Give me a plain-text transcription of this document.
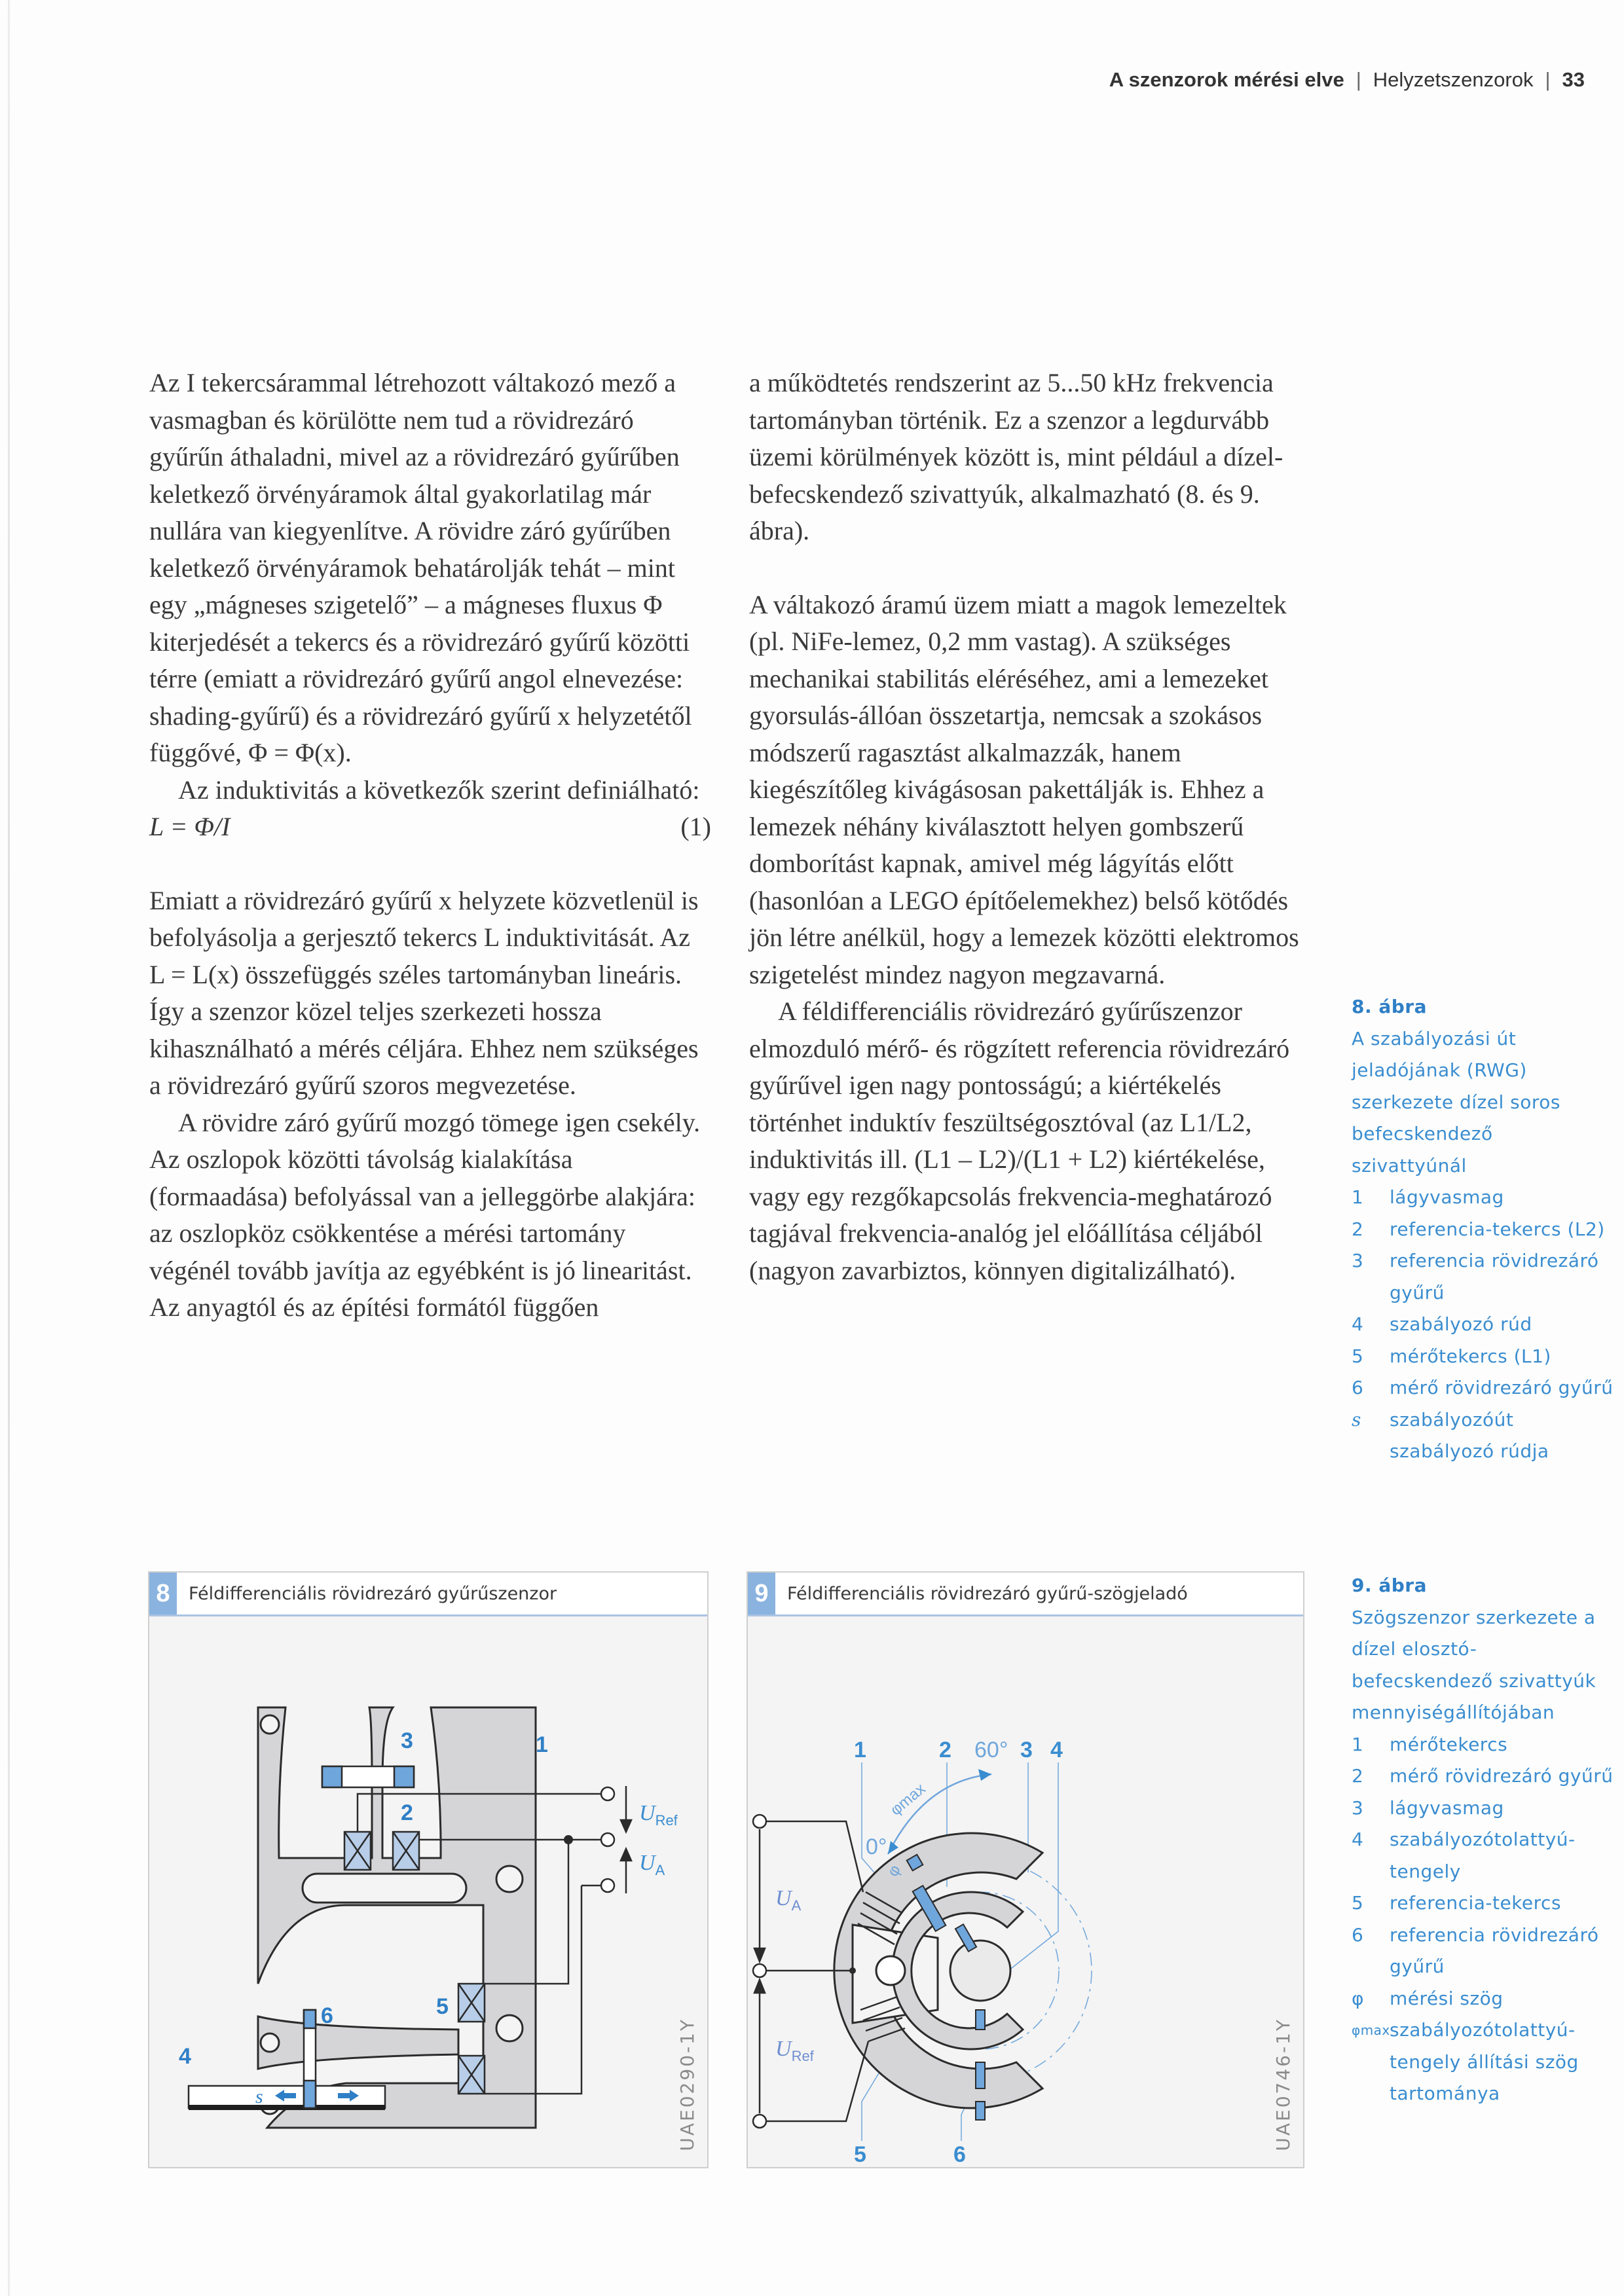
A szenzorok mérési elve | Helyzetszenzorok | 33

Az I tekercsárammal létrehozott váltakozó mező a vasmagban és körülötte nem tud a rövidrezáró gyűrűn áthaladni, mivel az a rövidrezáró gyűrűben keletkező örvényáramok által gyakorlatilag már nullára van kiegyenlítve. A rövidre záró gyűrűben keletkező örvényáramok behatárolják tehát – mint egy „mágneses szigetelő” – a mágneses fluxus Φ kiterjedését a tekercs és a rövidrezáró gyűrű közötti térre (emiatt a rövidrezáró gyűrű angol elnevezése: shading-gyűrű) és a rövidrezáró gyűrű x helyzetétől függővé, Φ = Φ(x).

Az induktivitás a következők szerint definiálható:

L = Φ/I	(1)

Emiatt a rövidrezáró gyűrű x helyzete közvetlenül is befolyásolja a gerjesztő tekercs L induktivitását. Az L = L(x) összefüggés széles tartományban lineáris. Így a szenzor közel teljes szerkezeti hossza kihasználható a mérés céljára. Ehhez nem szükséges a rövidrezáró gyűrű szoros megvezetése.

A rövidre záró gyűrű mozgó tömege igen csekély. Az oszlopok közötti távolság kialakítása (formaadása) befolyással van a jelleggörbe alakjára: az oszlopköz csökkentése a mérési tartomány végénél tovább javítja az egyébként is jó linearitást. Az anyagtól és az építési formától függően

a működtetés rendszerint az 5...50 kHz frekvencia tartományban történik. Ez a szenzor a legdurvább üzemi körülmények között is, mint például a dízel-befecskendező szivattyúk, alkalmazható (8. és 9. ábra).

A váltakozó áramú üzem miatt a magok lemezeltek (pl. NiFe-lemez, 0,2 mm vastag). A szükséges mechanikai stabilitás eléréséhez, ami a lemezeket gyorsulás-állóan összetartja, nemcsak a szokásos módszerű ragasztást alkalmazzák, hanem kiegészítőleg kivágásosan pakettálják is. Ehhez a lemezek néhány kiválasztott helyen gombszerű domborítást kapnak, amivel még lágyítás előtt (hasonlóan a LEGO építőelemekhez) belső kötődés jön létre anélkül, hogy a lemezek közötti elektromos szigetelést mindez nagyon megzavarná.

A féldifferenciális rövidrezáró gyűrűszenzor elmozduló mérő- és rögzített referencia rövidrezáró gyűrűvel igen nagy pontosságú; a kiértékelés történhet induktív feszültségosztóval (az L1/L2, induktivitás ill. (L1 – L2)/(L1 + L2) kiértékelése, vagy egy rezgőkapcsolás frekvencia-meghatározó tagjával frekvencia-analóg jel előállítása céljából (nagyon zavarbiztos, könnyen digitalizálható).

8. ábra
A szabályozási út jeladójának (RWG) szerkezete dízel soros befecskendező szivattyúnál
1	lágyvasmag
2	referencia-tekercs (L2)
3	referencia rövidrezáró gyűrű
4	szabályozó rúd
5	mérőtekercs (L1)
6	mérő rövidrezáró gyűrű
s	szabályozóút szabályozó rúdja
9. ábra
Szögszenzor szerkezete a dízel elosztó-befecskendező szivattyúk mennyiségállítójában
1	mérőtekercs
2	mérő rövidrezáró gyűrű
3	lágyvasmag
4	szabályozótolattyú-tengely
5	referencia-tekercs
6	referencia rövidrezáró gyűrű
φ	mérési szög
φmax szabályozótolattyú-tengely állítási szög tartománya
8	Féldifferenciális rövidrezáró gyűrűszenzor
3	1
2
4
5
6
s
$U_{Ref}$
$U_A$
UAE0290-1Y
9	Féldifferenciális rövidrezáró gyűrű-szögjeladó
1	2	3 4
5	6
60°
0°
φmax
φ
$U_A$
$U_{Ref}$	UAE0746-1Y
